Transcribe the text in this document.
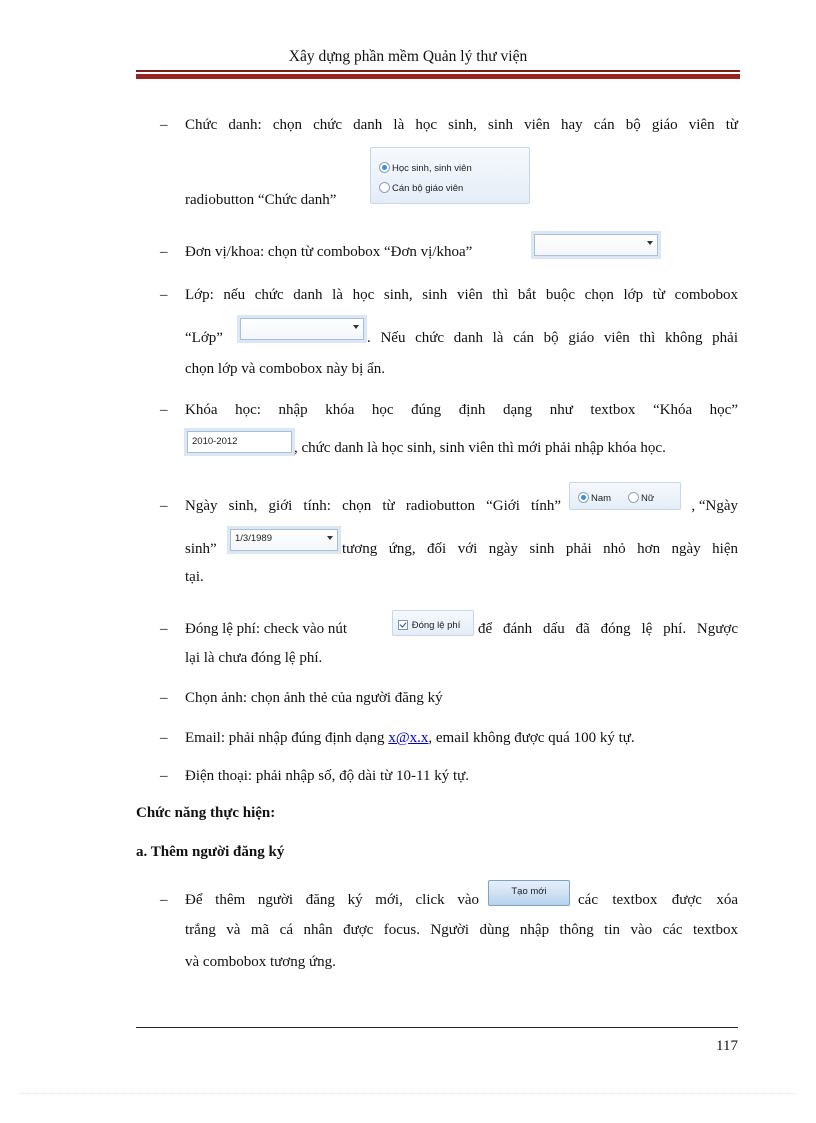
Xây dựng phần mềm Quản lý thư viện
– Chức danh: chọn chức danh là học sinh, sinh viên hay cán bộ giáo viên từ
radiobutton “Chức danh”
Học sinh, sinh viên
Cán bộ giáo viên
– Đơn vị/khoa: chọn từ combobox “Đơn vị/khoa”
– Lớp: nếu chức danh là học sinh, sinh viên thì bắt buộc chọn lớp từ combobox
“Lớp”	. Nếu chức danh là cán bộ giáo viên thì không phải
chọn lớp và combobox này bị ẩn.
– Khóa học: nhập khóa học đúng định dạng như textbox “Khóa học”
2010-2012	, chức danh là học sinh, sinh viên thì mới phải nhập khóa học.
– Ngày sinh, giới tính: chọn từ radiobutton “Giới tính”	Nam	Nữ	, “Ngày
sinh”
1/3/1989
tương ứng, đối với ngày sinh phải nhỏ hơn ngày hiện
tại.
– Đóng lệ phí: check vào nút	Đóng lệ phí để đánh dấu đã đóng lệ phí. Ngược
lại là chưa đóng lệ phí.
– Chọn ảnh: chọn ảnh thẻ của người đăng ký
– Email: phải nhập đúng định dạng x@x.x, email không được quá 100 ký tự.
– Điện thoại: phải nhập số, độ dài từ 10-11 ký tự.
Chức năng thực hiện:
a. Thêm người đăng ký
– Để thêm người đăng ký mới, click vào
Tạo mới
các textbox được xóa
trắng và mã cá nhân được focus. Người dùng nhập thông tin vào các textbox
và combobox tương ứng.
117
